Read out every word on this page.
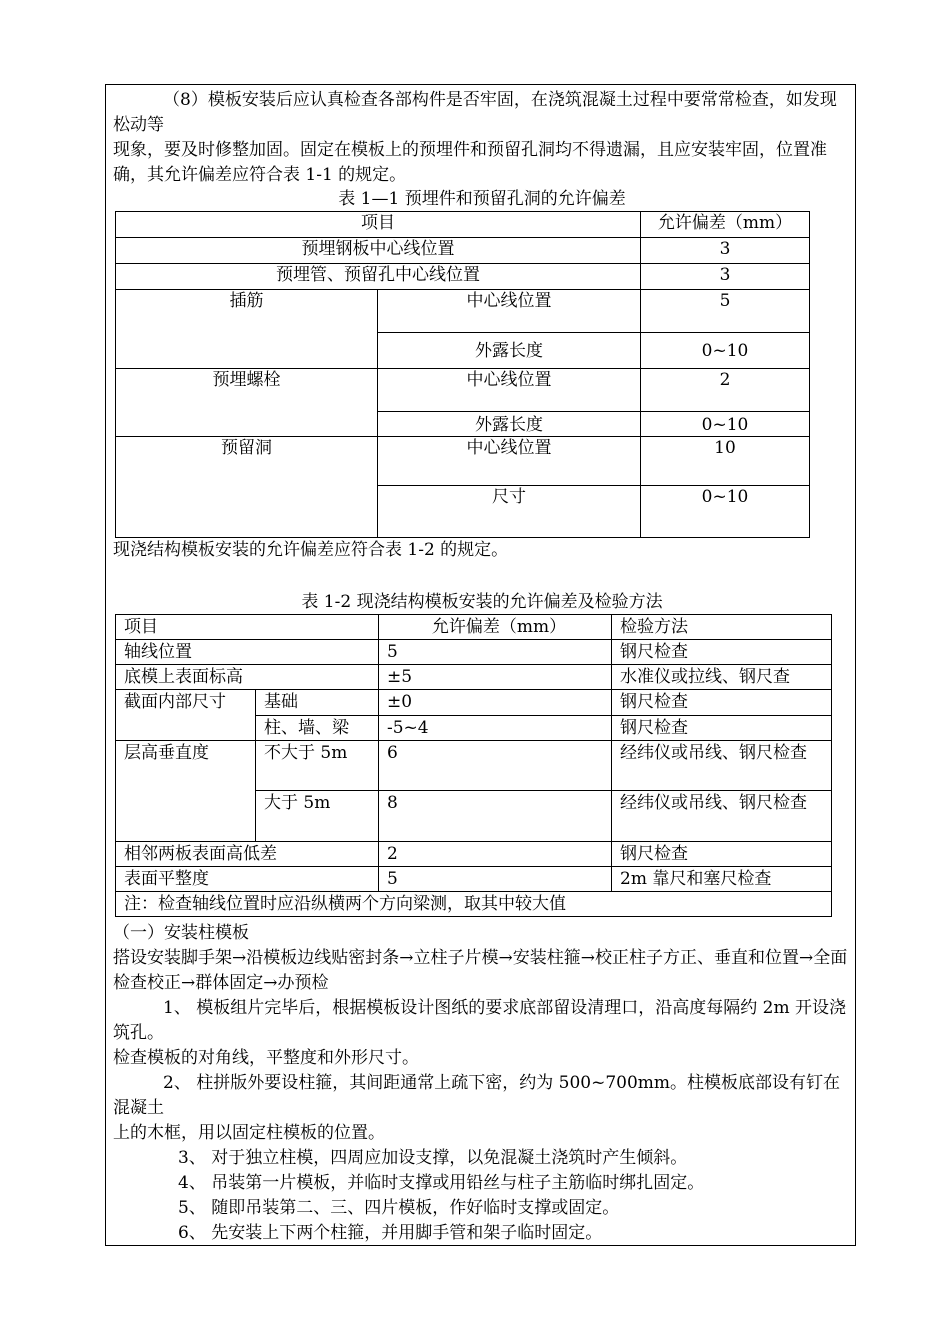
（8）模板安装后应认真检查各部构件是否牢固，在浇筑混凝土过程中要常常检查，如发现松动等

现象，要及时修整加固。固定在模板上的预埋件和预留孔洞均不得遗漏，且应安装牢固，位置准确，其允许偏差应符合表 1-1 的规定。

表 1—1 预埋件和预留孔洞的允许偏差
项目		允许偏差（mm）
预埋钢板中心线位置		3
预埋管、预留孔中心线位置		3
插筋	中心线位置	5
	外露长度	0~10
预埋螺栓	中心线位置	2
	外露长度	0~10
预留洞	中心线位置	10
	尺寸	0~10

现浇结构模板安装的允许偏差应符合表 1-2 的规定。

表 1-2 现浇结构模板安装的允许偏差及检验方法
项目		允许偏差（mm）	检验方法
轴线位置		5	钢尺检查
底模上表面标高		±5	水准仪或拉线、钢尺查
截面内部尺寸	基础	±0	钢尺检查
	柱、墙、梁	-5~4	钢尺检查
层高垂直度	不大于 5m	6	经纬仪或吊线、钢尺检查
	大于 5m	8	经纬仪或吊线、钢尺检查
相邻两板表面高低差		2	钢尺检查
表面平整度		5	2m 靠尺和塞尺检查
注：检查轴线位置时应沿纵横两个方向梁测，取其中较大值			

（一）安装柱模板

搭设安装脚手架→沿模板边线贴密封条→立柱子片模→安装柱箍→校正柱子方正、垂直和位置→全面检查校正→群体固定→办预检

1、 模板组片完毕后，根据模板设计图纸的要求底部留设清理口，沿高度每隔约 2m 开设浇筑孔。

检查模板的对角线，平整度和外形尺寸。

2、 柱拼版外要设柱箍，其间距通常上疏下密，约为 500~700mm。柱模板底部设有钉在混凝土

上的木框，用以固定柱模板的位置。

3、 对于独立柱模，四周应加设支撑，以免混凝土浇筑时产生倾斜。

4、 吊装第一片模板，并临时支撑或用铅丝与柱子主筋临时绑扎固定。

5、 随即吊装第二、三、四片模板，作好临时支撑或固定。

6、 先安装上下两个柱箍，并用脚手管和架子临时固定。
